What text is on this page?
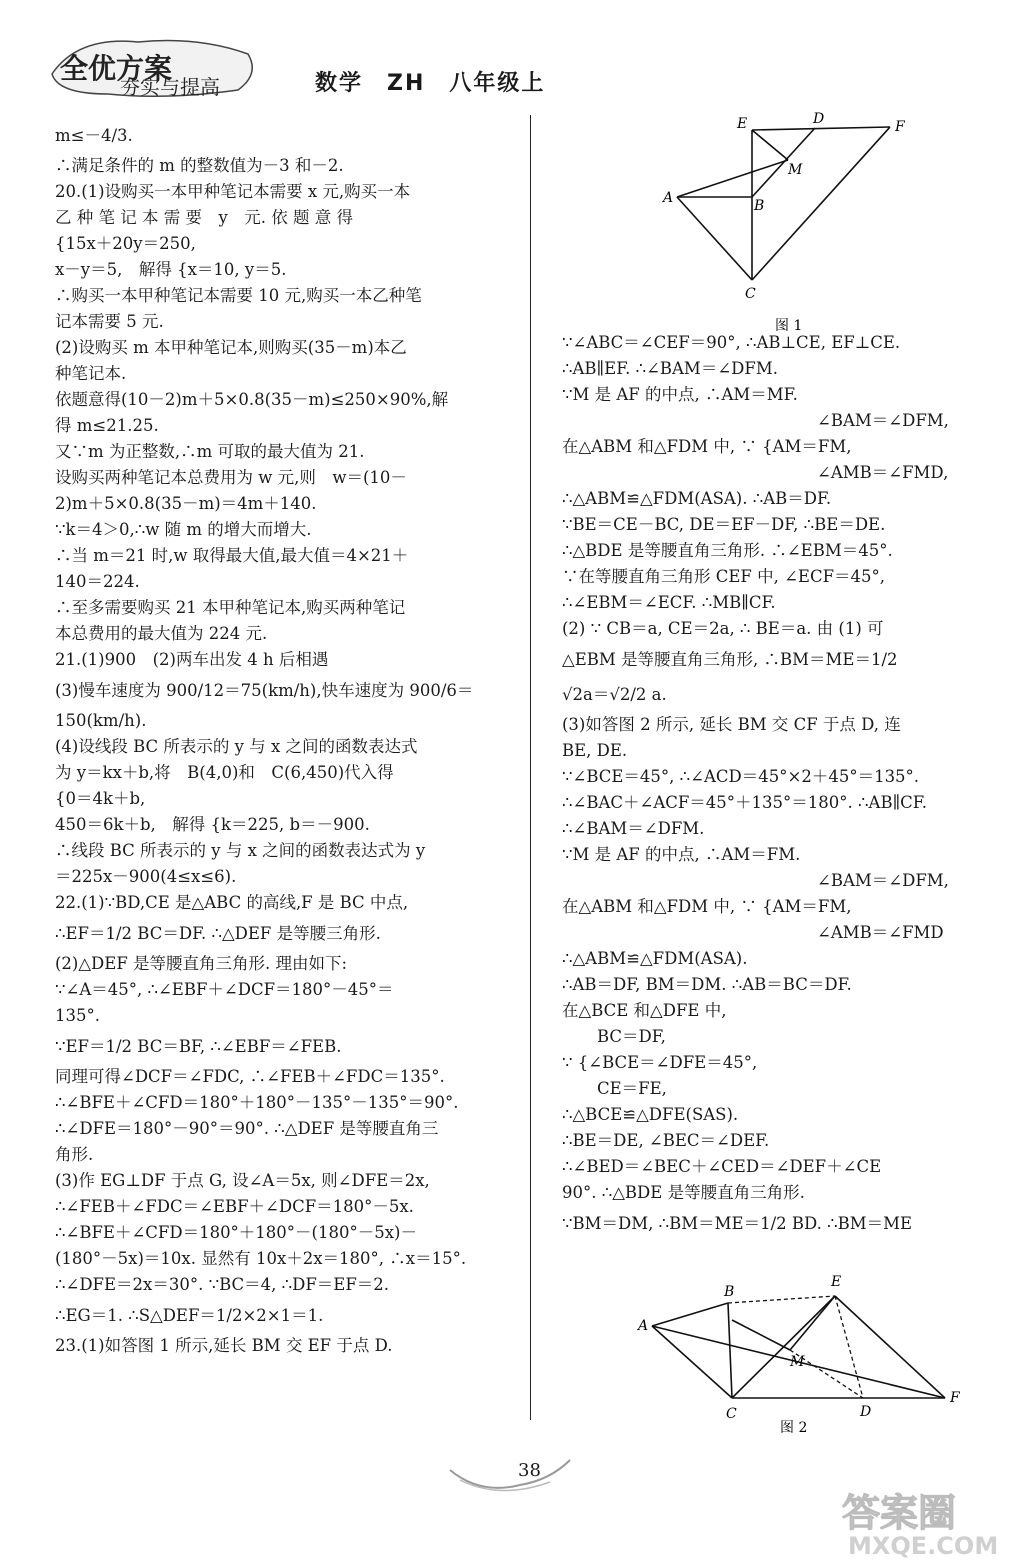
全优方案
夯实与提高	数学　ZH　八年级上
m≤－4/3.
∴满足条件的 m 的整数值为－3 和－2.
20.(1)设购买一本甲种笔记本需要 x 元,购买一本
乙 种 笔 记 本 需 要　y　元. 依 题 意 得
{15x＋20y＝250,
x－y＝5,　解得 {x＝10, y＝5.
∴购买一本甲种笔记本需要 10 元,购买一本乙种笔
记本需要 5 元.
(2)设购买 m 本甲种笔记本,则购买(35－m)本乙
种笔记本.
依题意得(10－2)m＋5×0.8(35－m)≤250×90%,解
得 m≤21.25.
又∵m 为正整数,∴m 可取的最大值为 21.
设购买两种笔记本总费用为 w 元,则　w＝(10－
2)m＋5×0.8(35－m)＝4m＋140.
∵k＝4＞0,∴w 随 m 的增大而增大.
∴当 m＝21 时,w 取得最大值,最大值＝4×21＋
140＝224.
∴至多需要购买 21 本甲种笔记本,购买两种笔记
本总费用的最大值为 224 元.
21.(1)900　(2)两车出发 4 h 后相遇
(3)慢车速度为 900/12＝75(km/h),快车速度为 900/6＝
150(km/h).
(4)设线段 BC 所表示的 y 与 x 之间的函数表达式
为 y＝kx＋b,将　B(4,0)和　C(6,450)代入得
{0＝4k＋b,
450＝6k＋b,　解得 {k＝225, b＝－900.
∴线段 BC 所表示的 y 与 x 之间的函数表达式为 y
＝225x－900(4≤x≤6).
22.(1)∵BD,CE 是△ABC 的高线,F 是 BC 中点,
∴EF＝1/2 BC＝DF. ∴△DEF 是等腰三角形.
(2)△DEF 是等腰直角三角形. 理由如下:
∵∠A＝45°, ∴∠EBF＋∠DCF＝180°－45°＝
135°.
∵EF＝1/2 BC＝BF, ∴∠EBF＝∠FEB.
同理可得∠DCF＝∠FDC, ∴∠FEB＋∠FDC＝135°.
∴∠BFE＋∠CFD＝180°＋180°－135°－135°＝90°.
∴∠DFE＝180°－90°＝90°. ∴△DEF 是等腰直角三
角形.
(3)作 EG⊥DF 于点 G, 设∠A＝5x, 则∠DFE＝2x,
∴∠FEB＋∠FDC＝∠EBF＋∠DCF＝180°－5x.
∴∠BFE＋∠CFD＝180°＋180°－(180°－5x)－
(180°－5x)＝10x. 显然有 10x＋2x＝180°, ∴x＝15°.
∴∠DFE＝2x＝30°. ∵BC＝4, ∴DF＝EF＝2.
∴EG＝1. ∴S△DEF＝1/2×2×1＝1.
23.(1)如答图 1 所示,延长 BM 交 EF 于点 D.
E	D	F
M
A	B
C
图 1
∵∠ABC＝∠CEF＝90°, ∴AB⊥CE, EF⊥CE.
∴AB∥EF. ∴∠BAM＝∠DFM.
∵M 是 AF 的中点, ∴AM＝MF.
∠BAM＝∠DFM,
在△ABM 和△FDM 中, ∵ {AM＝FM,
∠AMB＝∠FMD,
∴△ABM≌△FDM(ASA). ∴AB＝DF.
∵BE＝CE－BC, DE＝EF－DF, ∴BE＝DE.
∴△BDE 是等腰直角三角形. ∴∠EBM＝45°.
∵在等腰直角三角形 CEF 中, ∠ECF＝45°,
∴∠EBM＝∠ECF. ∴MB∥CF.
(2) ∵ CB＝a, CE＝2a, ∴ BE＝a. 由 (1) 可
△EBM 是等腰直角三角形, ∴BM＝ME＝1/2
√2a＝√2/2 a.
(3)如答图 2 所示, 延长 BM 交 CF 于点 D, 连
BE, DE.
∵∠BCE＝45°, ∴∠ACD＝45°×2＋45°＝135°.
∴∠BAC＋∠ACF＝45°＋135°＝180°. ∴AB∥CF.
∴∠BAM＝∠DFM.
∵M 是 AF 的中点, ∴AM＝FM.
∠BAM＝∠DFM,
在△ABM 和△FDM 中, ∵ {AM＝FM,
∠AMB＝∠FMD
∴△ABM≌△FDM(ASA).
∴AB＝DF, BM＝DM. ∴AB＝BC＝DF.
在△BCE 和△DFE 中,
BC＝DF,
∵ {∠BCE＝∠DFE＝45°,
CE＝FE,
∴△BCE≌△DFE(SAS).
∴BE＝DE, ∠BEC＝∠DEF.
∴∠BED＝∠BEC＋∠CED＝∠DEF＋∠CE
90°. ∴△BDE 是等腰直角三角形.
∵BM＝DM, ∴BM＝ME＝1/2 BD. ∴BM＝ME
E
B
A
M
C	D
F
图 2
38
答案圈
MXQE.COM
